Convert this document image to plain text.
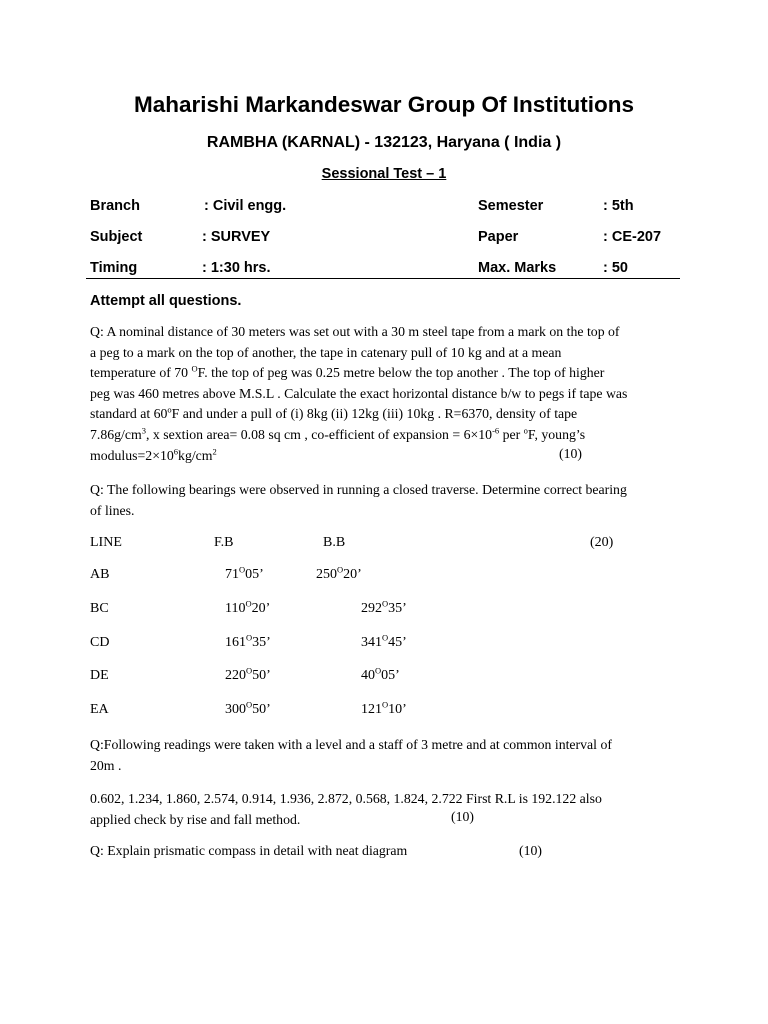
Maharishi Markandeswar Group Of Institutions
RAMBHA (KARNAL) - 132123, Haryana ( India )
Sessional Test – 1
Branch	: Civil engg.	Semester	: 5th
Subject	: SURVEY	Paper	: CE-207
Timing	: 1:30 hrs.	Max. Marks	: 50
Attempt all questions.
Q: A nominal distance of 30 meters was set out with a 30 m steel tape from a mark on the top of
a peg to a mark on the top of another, the tape in catenary pull of 10 kg and at a mean
temperature of 70 $^O$F. the top of peg was 0.25 metre below the top another . The top of higher
peg was 460 metres above M.S.L . Calculate the exact horizontal distance b/w to pegs if tape was
standard at 60$^o$F and under a pull of (i) 8kg (ii) 12kg (iii) 10kg . R=6370, density of tape
$7.86g/cm^3$, x sextion area= 0.08 sq cm , co-efficient of expansion = $6\times 10^{-6}$ per $^o$F, young’s
$modulus=2\times 10^6kg/cm^2$	(10)
Q: The following bearings were observed in running a closed traverse. Determine correct bearing
of lines.
LINE	F.B	B.B	(20)
AB	$71^O05$’	$250^O20$’
BC	$110^O20$’	$292^O35$’
CD	$161^O35$’	$341^O45$’
DE	$220^O50$’	$40^O05$’
EA	$300^O50$’	$121^O10$’
Q:Following readings were taken with a level and a staff of 3 metre and at common interval of
20m .
0.602, 1.234, 1.860, 2.574, 0.914, 1.936, 2.872, 0.568, 1.824, 2.722 First R.L is 192.122 also
applied check by rise and fall method.	(10)
Q: Explain prismatic compass in detail with neat diagram	(10)
